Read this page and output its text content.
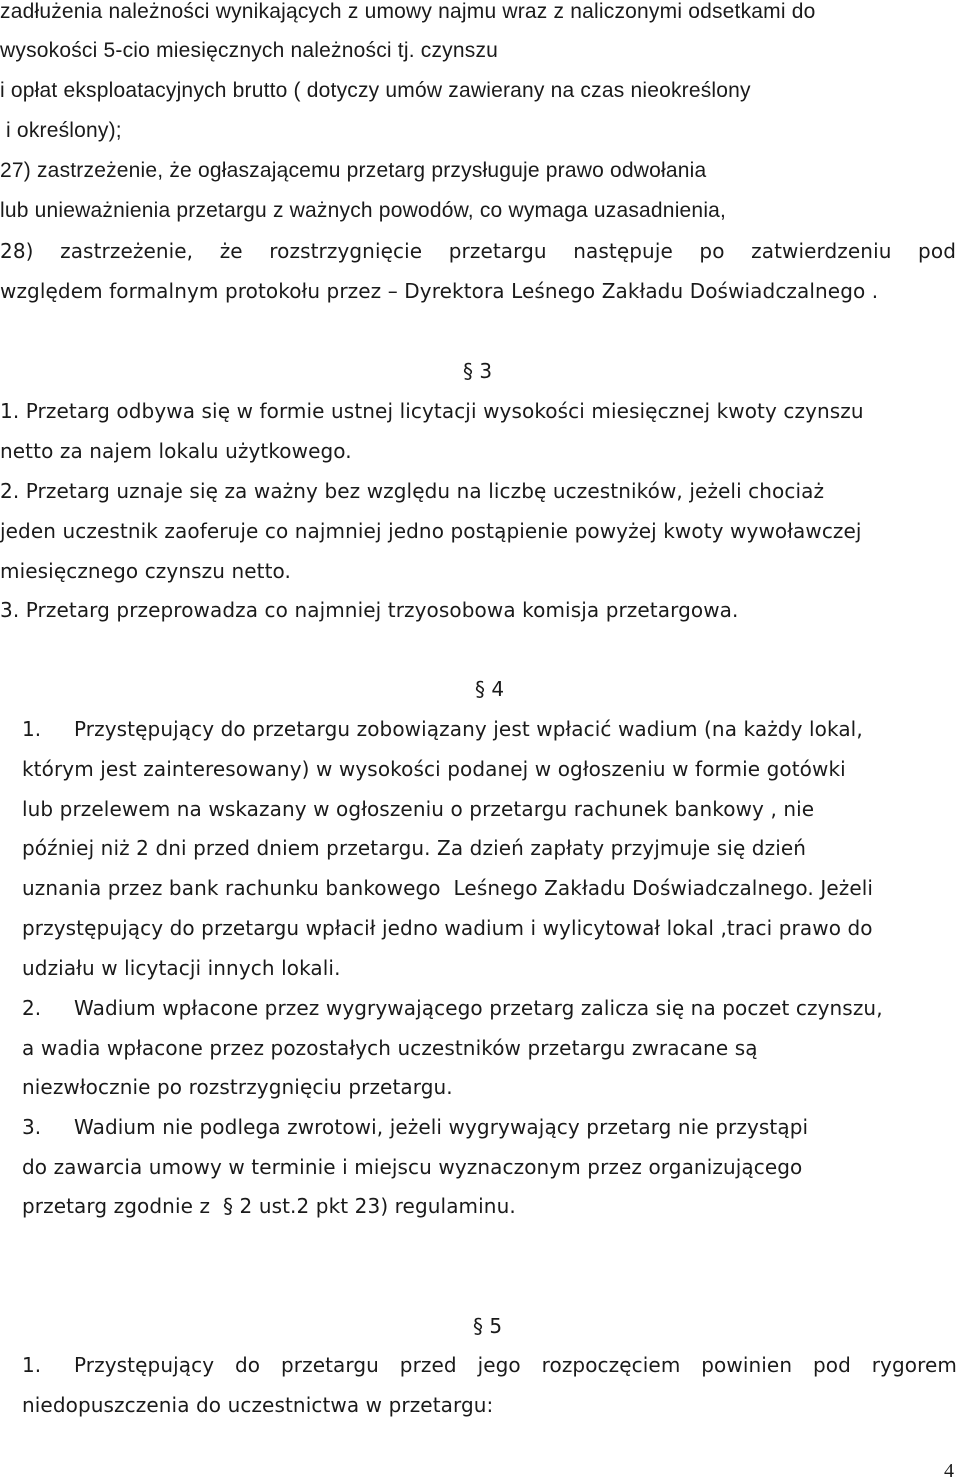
zadłużenia należności wynikających z umowy najmu wraz z naliczonymi odsetkami do
wysokości 5-cio miesięcznych należności tj. czynszu
i opłat eksploatacyjnych brutto ( dotyczy umów zawierany na czas nieokreślony
i określony);
27) zastrzeżenie, że ogłaszającemu przetarg przysługuje prawo odwołania
lub unieważnienia przetargu z ważnych powodów, co wymaga uzasadnienia,
28) zastrzeżenie, że rozstrzygnięcie przetargu następuje po zatwierdzeniu pod
względem formalnym protokołu przez – Dyrektora Leśnego Zakładu Doświadczalnego .
§ 3
1. Przetarg odbywa się w formie ustnej licytacji wysokości miesięcznej kwoty czynszu
netto za najem lokalu użytkowego.
2. Przetarg uznaje się za ważny bez względu na liczbę uczestników, jeżeli chociaż
jeden uczestnik zaoferuje co najmniej jedno postąpienie powyżej kwoty wywoławczej
miesięcznego czynszu netto.
3. Przetarg przeprowadza co najmniej trzyosobowa komisja przetargowa.
§ 4
1. Przystępujący do przetargu zobowiązany jest wpłacić wadium (na każdy lokal,
którym jest zainteresowany) w wysokości podanej w ogłoszeniu w formie gotówki
lub przelewem na wskazany w ogłoszeniu o przetargu rachunek bankowy , nie
później niż 2 dni przed dniem przetargu. Za dzień zapłaty przyjmuje się dzień
uznania przez bank rachunku bankowego  Leśnego Zakładu Doświadczalnego. Jeżeli
przystępujący do przetargu wpłacił jedno wadium i wylicytował lokal ,traci prawo do
udziału w licytacji innych lokali.
2. Wadium wpłacone przez wygrywającego przetarg zalicza się na poczet czynszu,
a wadia wpłacone przez pozostałych uczestników przetargu zwracane są
niezwłocznie po rozstrzygnięciu przetargu.
3. Wadium nie podlega zwrotowi, jeżeli wygrywający przetarg nie przystąpi
do zawarcia umowy w terminie i miejscu wyznaczonym przez organizującego
przetarg zgodnie z  § 2 ust.2 pkt 23) regulaminu.
§ 5
1. Przystępujący do przetargu przed jego rozpoczęciem powinien pod rygorem
niedopuszczenia do uczestnictwa w przetargu:
4
